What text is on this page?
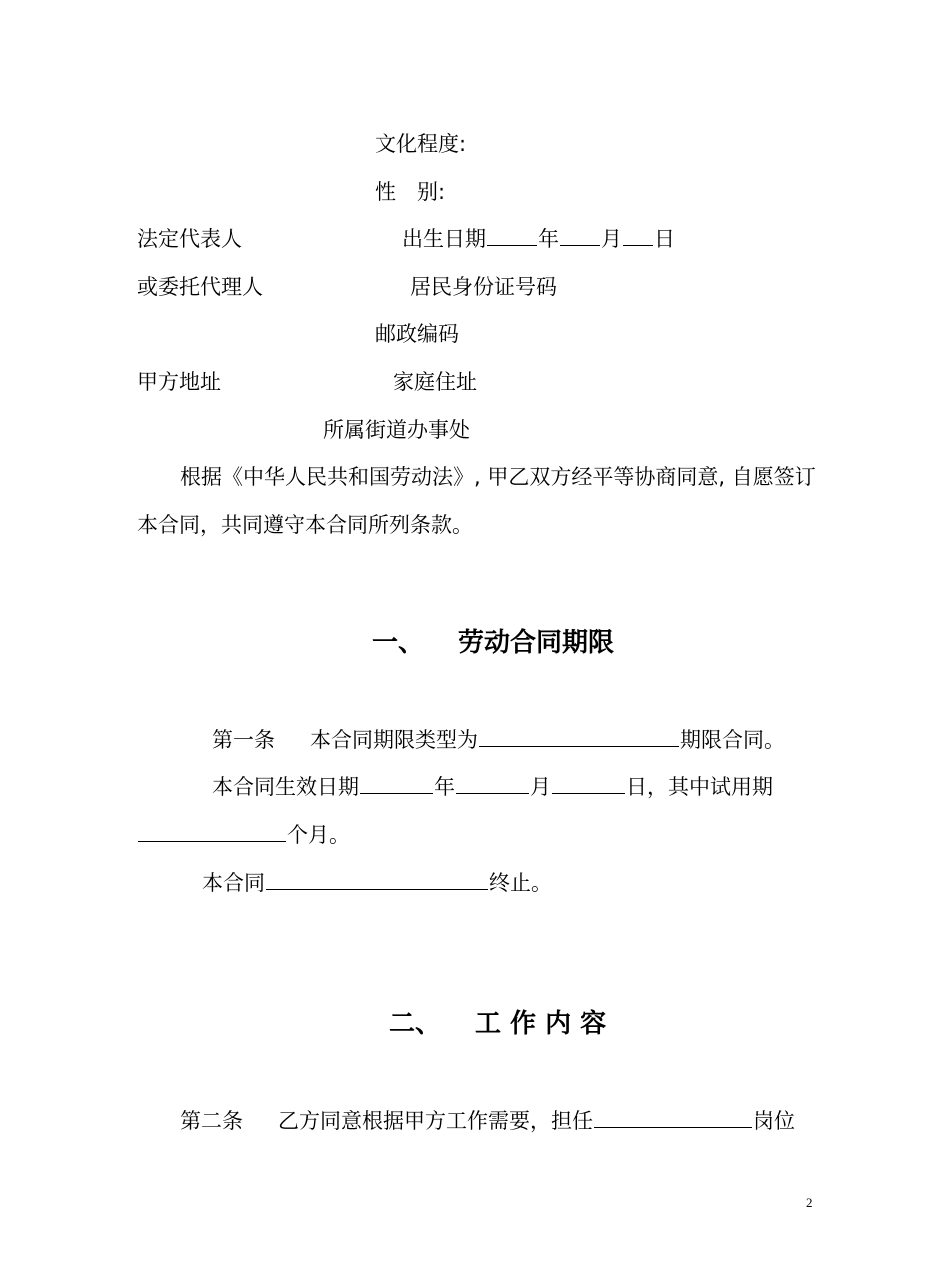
文化程度:
性　别:
法定代表人	出生日期 年 月 日
或委托代理人	居民身份证号码
邮政编码
甲方地址	家庭住址
所属街道办事处
根据《中华人民共和国劳动法》, 甲乙双方经平等协商同意, 自愿签订
本合同，共同遵守本合同所列条款。
一、 劳动合同期限
第一条 本合同期限类型为	期限合同。
本合同生效日期	年	月	日，其中试用期
个月。
本合同	终止。
二、 工 作 内 容
第二条 乙方同意根据甲方工作需要，担任	岗位
2
